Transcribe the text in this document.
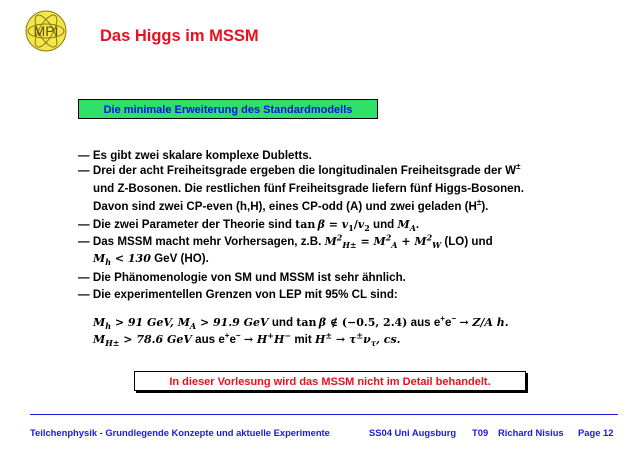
MPI	Das Higgs im MSSM
Die minimale Erweiterung des Standardmodells
— Es gibt zwei skalare komplexe Dubletts.
— Drei der acht Freiheitsgrade ergeben die longitudinalen Freiheitsgrade der W±
und Z-Bosonen. Die restlichen fünf Freiheitsgrade liefern fünf Higgs-Bosonen.
Davon sind zwei CP-even (h,H), eines CP-odd (A) und zwei geladen (H±).
— Die zwei Parameter der Theorie sind $\tan \beta = v_1/v_2$ und $M_A$.
— Das MSSM macht mehr Vorhersagen, z.B. $M^2_{H\pm} = M^2_A + M^2_W$ (LO) und
$M_h < 130$ GeV (HO).
— Die Phänomenologie von SM und MSSM ist sehr ähnlich.
— Die experimentellen Grenzen von LEP mit 95% CL sind:
$M_h > 91$ GeV, $M_A > 91.9$ GeV und tan β ∉ (−0.5, 2.4) aus e+e− → Z/A h.
$M_{H\pm} > 78.6$ GeV aus e+e− → H+H− mit $H^\pm \to \tau^\pm\nu_\tau$, cs.
In dieser Vorlesung wird das MSSM nicht im Detail behandelt.
Teilchenphysik - Grundlegende Konzepte und aktuelle Experimente	SS04 Uni Augsburg T09 Richard Nisius Page 12
